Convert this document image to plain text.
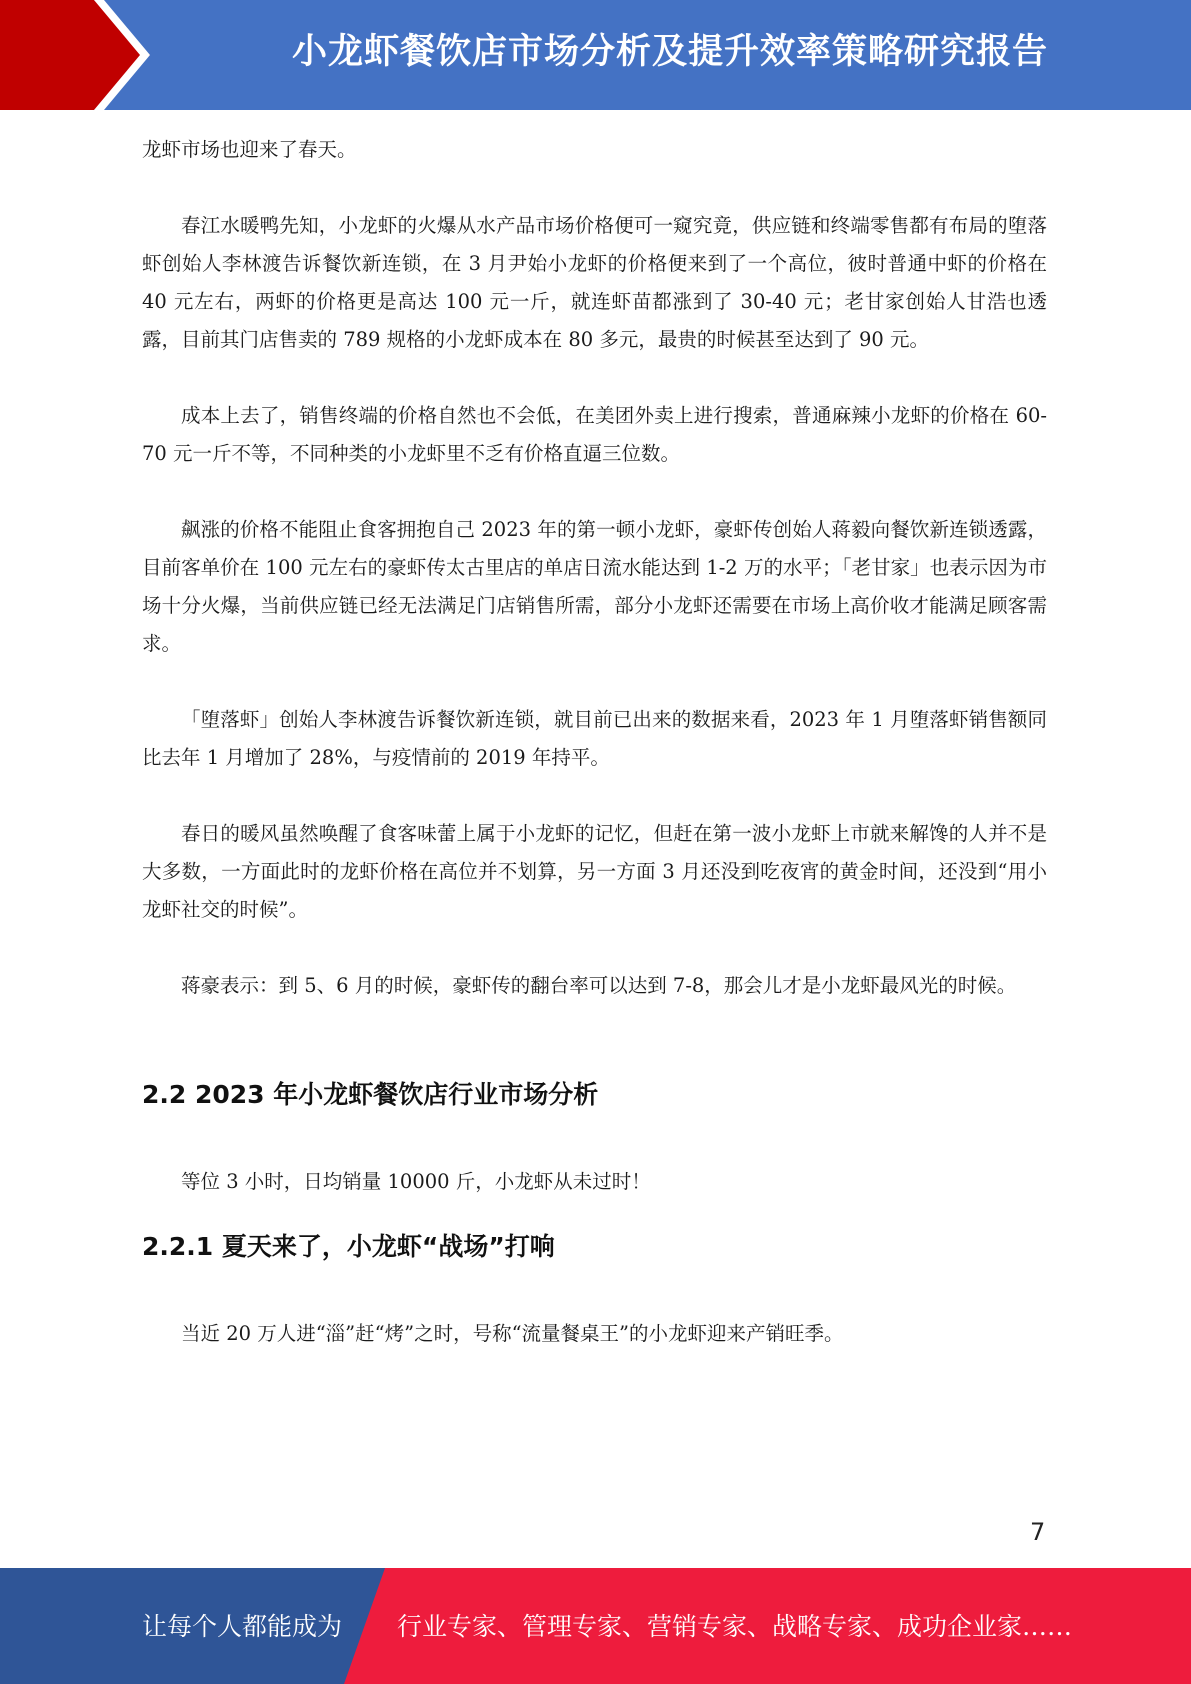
小龙虾餐饮店市场分析及提升效率策略研究报告

龙虾市场也迎来了春天。

春江水暖鸭先知，小龙虾的火爆从水产品市场价格便可一窥究竟，供应链和终端零售都有布局的堕落虾创始人李林渡告诉餐饮新连锁，在 3 月尹始小龙虾的价格便来到了一个高位，彼时普通中虾的价格在 40 元左右，两虾的价格更是高达 100 元一斤，就连虾苗都涨到了 30-40 元；老甘家创始人甘浩也透露，目前其门店售卖的 789 规格的小龙虾成本在 80 多元，最贵的时候甚至达到了 90 元。

成本上去了，销售终端的价格自然也不会低，在美团外卖上进行搜索，普通麻辣小龙虾的价格在 60-70 元一斤不等，不同种类的小龙虾里不乏有价格直逼三位数。

飙涨的价格不能阻止食客拥抱自己 2023 年的第一顿小龙虾，豪虾传创始人蒋毅向餐饮新连锁透露，目前客单价在 100 元左右的豪虾传太古里店的单店日流水能达到 1-2 万的水平；「老甘家」也表示因为市场十分火爆，当前供应链已经无法满足门店销售所需，部分小龙虾还需要在市场上高价收才能满足顾客需求。

「堕落虾」创始人李林渡告诉餐饮新连锁，就目前已出来的数据来看，2023 年 1 月堕落虾销售额同比去年 1 月增加了 28%，与疫情前的 2019 年持平。

春日的暖风虽然唤醒了食客味蕾上属于小龙虾的记忆，但赶在第一波小龙虾上市就来解馋的人并不是大多数，一方面此时的龙虾价格在高位并不划算，另一方面 3 月还没到吃夜宵的黄金时间，还没到“用小龙虾社交的时候”。

蒋豪表示：到 5、6 月的时候，豪虾传的翻台率可以达到 7-8，那会儿才是小龙虾最风光的时候。

2.2 2023 年小龙虾餐饮店行业市场分析

等位 3 小时，日均销量 10000 斤，小龙虾从未过时！

2.2.1 夏天来了，小龙虾“战场”打响

当近 20 万人进“淄”赶“烤”之时，号称“流量餐桌王”的小龙虾迎来产销旺季。

7
让每个人都能成为 行业专家、管理专家、营销专家、战略专家、成功企业家……
